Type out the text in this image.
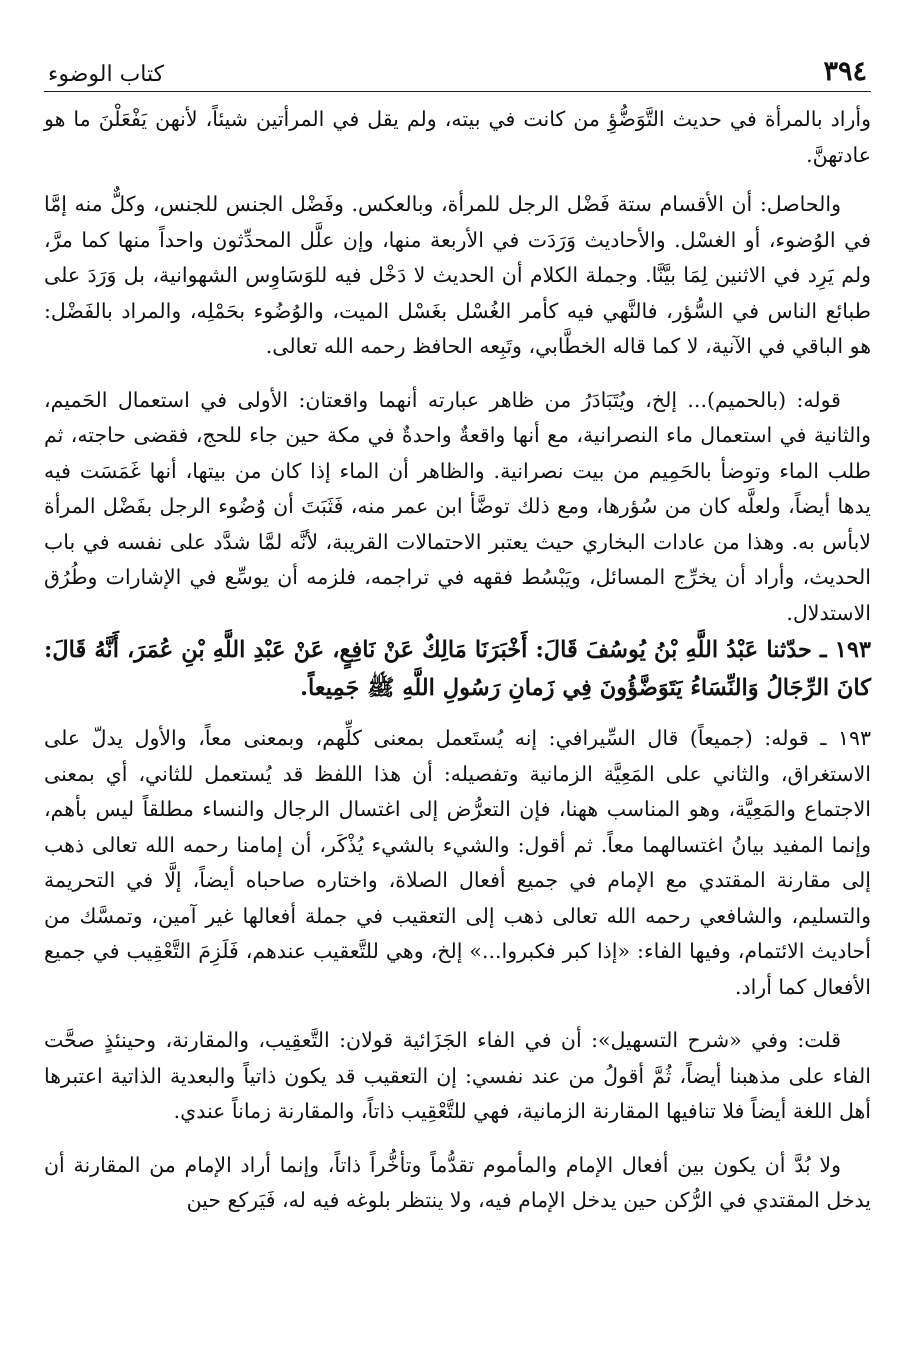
٣٩٤
كتاب الوضوء

وأراد بالمرأة في حديث التَّوَضُّؤِ من كانت في بيته، ولم يقل في المرأتين شيئاً، لأنهن يَفْعَلْنَ ما هو عادتهنَّ.

والحاصل: أن الأقسام ستة فَضْل الرجل للمرأة، وبالعكس. وفَضْل الجنس للجنس، وكلٌّ منه إمَّا في الوُضوء، أو الغسْل. والأحاديث وَرَدَت في الأربعة منها، وإن علَّل المحدِّثون واحداً منها كما مرَّ، ولم يَرِد في الاثنين لِمَا بيَّنَّا. وجملة الكلام أن الحديث لا دَخْل فيه للوَسَاوِس الشهوانية، بل وَرَدَ على طبائع الناس في السُّؤر، فالنَّهي فيه كأمر الغُسْل بغَسْل الميت، والوُضُوء بحَمْلِه، والمراد بالفَضْل: هو الباقي في الآنية، لا كما قاله الخطَّابي، وتَبِعه الحافظ رحمه الله تعالى.

قوله: (بالحميم)... إلخ، ويُتَبَادَرُ من ظاهر عبارته أنهما واقعتان: الأولى في استعمال الحَميم، والثانية في استعمال ماء النصرانية، مع أنها واقعةٌ واحدةٌ في مكة حين جاء للحج، فقضى حاجته، ثم طلب الماء وتوضأ بالحَمِيم من بيت نصرانية. والظاهر أن الماء إذا كان من بيتها، أنها غَمَسَت فيه يدها أيضاً، ولعلَّه كان من سُؤرها، ومع ذلك توضَّأ ابن عمر منه، فَثَبَتَ أن وُضُوء الرجل بفَضْل المرأة لابأس به. وهذا من عادات البخاري حيث يعتبر الاحتمالات القريبة، لأنَّه لمَّا شدَّد على نفسه في باب الحديث، وأراد أن يخرِّج المسائل، ويَبْسُط فقهه في تراجمه، فلزمه أن يوسِّع في الإشارات وطُرُق الاستدلال.

١٩٣ ـ حدّثنا عَبْدُ اللَّهِ بْنُ يُوسُفَ قَالَ: أَخْبَرَنَا مَالِكٌ عَنْ نَافِعٍ، عَنْ عَبْدِ اللَّهِ بْنِ عُمَرَ، أَنَّهُ قَالَ: كانَ الرِّجَالُ وَالنِّسَاءُ يَتَوَضَّؤُونَ فِي زَمانِ رَسُولِ اللَّهِ ﷺ جَمِيعاً.

١٩٣ ـ قوله: (جميعاً) قال السِّيرافي: إنه يُستَعمل بمعنى كلِّهم، وبمعنى معاً، والأول يدلّ على الاستغراق، والثاني على المَعِيَّة الزمانية وتفصيله: أن هذا اللفظ قد يُستعمل للثاني، أي بمعنى الاجتماع والمَعِيَّة، وهو المناسب ههنا، فإن التعرُّض إلى اغتسال الرجال والنساء مطلقاً ليس بأهم، وإنما المفيد بيانُ اغتسالهما معاً. ثم أقول: والشيء بالشيء يُذْكَر، أن إمامنا رحمه الله تعالى ذهب إلى مقارنة المقتدي مع الإمام في جميع أفعال الصلاة، واختاره صاحباه أيضاً، إلَّا في التحريمة والتسليم، والشافعي رحمه الله تعالى ذهب إلى التعقيب في جملة أفعالها غير آمين، وتمسَّك من أحاديث الائتمام، وفيها الفاء: «إذا كبر فكبروا...» إلخ، وهي للتَّعقيب عندهم، فَلَزِمَ التَّعْقِيب في جميع الأفعال كما أراد.

قلت: وفي «شرح التسهيل»: أن في الفاء الجَزَائية قولان: التَّعقِيب، والمقارنة، وحينئذٍ صحَّت الفاء على مذهبنا أيضاً، ثُمَّ أقولُ من عند نفسي: إن التعقيب قد يكون ذاتياً والبعدية الذاتية اعتبرها أهل اللغة أيضاً فلا تنافيها المقارنة الزمانية، فهي للتَّعْقِيب ذاتاً، والمقارنة زماناً عندي.

ولا بُدَّ أن يكون بين أفعال الإمام والمأموم تقدُّماً وتأخُّراً ذاتاً، وإنما أراد الإمام من المقارنة أن يدخل المقتدي في الرُّكن حين يدخل الإمام فيه، ولا ينتظر بلوغه فيه له، فَيَركع حين
